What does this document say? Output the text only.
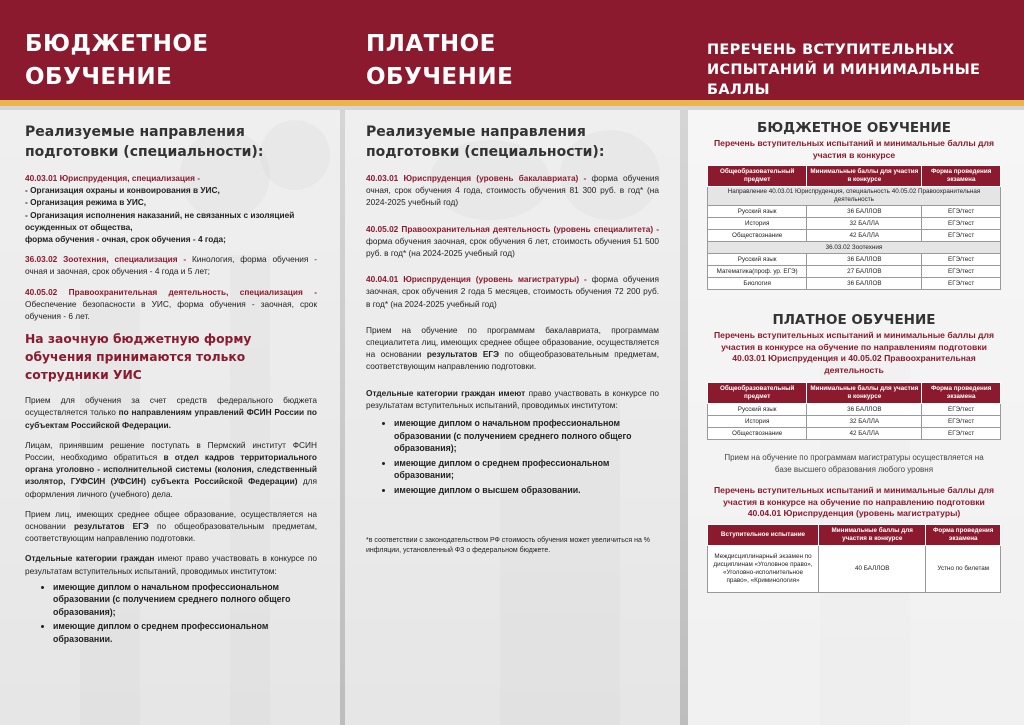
БЮДЖЕТНОЕ
ОБУЧЕНИЕ
ПЛАТНОЕ
ОБУЧЕНИЕ
ПЕРЕЧЕНЬ ВСТУПИТЕЛЬНЫХ
ИСПЫТАНИЙ И МИНИМАЛЬНЫЕ БАЛЛЫ
Реализуемые направления подготовки (специальности):
40.03.01 Юриспруденция, специализация -
- Организация охраны и конвоирования в УИС,
- Организация режима в УИС,
- Организация исполнения наказаний, не связанных с изоляцией осужденных от общества,
форма обучения - очная, срок обучения - 4 года;
36.03.02 Зоотехния, специализация - Кинология, форма обучения - очная и заочная, срок обучения - 4 года и 5 лет;
40.05.02 Правоохранительная деятельность, специализация - Обеспечение безопасности в УИС, форма обучения - заочная, срок обучения - 6 лет.
На заочную бюджетную форму обучения принимаются только сотрудники УИС
Прием для обучения за счет средств федерального бюджета осуществляется только по направлениям управлений ФСИН России по субъектам Российской Федерации.
Лицам, принявшим решение поступать в Пермский институт ФСИН России, необходимо обратиться в отдел кадров территориального органа уголовно - исполнительной системы (колония, следственный изолятор, ГУФСИН (УФСИН) субъекта Российской Федерации) для оформления личного (учебного) дела.
Прием лиц, имеющих среднее общее образование, осуществляется на основании результатов ЕГЭ по общеобразовательным предметам, соответствующим направлению подготовки.
Отдельные категории граждан имеют право участвовать в конкурсе по результатам вступительных испытаний, проводимых институтом:
• имеющие диплом о начальном профессиональном образовании (с получением среднего полного общего образования);
• имеющие диплом о среднем профессиональном образовании.
Реализуемые направления подготовки (специальности):
40.03.01 Юриспруденция (уровень бакалавриата) - форма обучения очная, срок обучения 4 года, стоимость обучения 81 300 руб. в год* (на 2024-2025 учебный год)
40.05.02 Правоохранительная деятельность (уровень специалитета) - форма обучения заочная, срок обучения 6 лет, стоимость обучения 51 500 руб. в год* (на 2024-2025 учебный год)
40.04.01 Юриспруденция (уровень магистратуры) - форма обучения заочная, срок обучения 2 года 5 месяцев, стоимость обучения 72 200 руб. в год* (на 2024-2025 учебный год)
Прием на обучение по программам бакалавриата, программам специалитета лиц, имеющих среднее общее образование, осуществляется на основании результатов ЕГЭ по общеобразовательным предметам, соответствующим направлению подготовки.
Отдельные категории граждан имеют право участвовать в конкурсе по результатам вступительных испытаний, проводимых институтом:
• имеющие диплом о начальном профессиональном образовании (с получением среднего полного общего образования);
• имеющие диплом о среднем профессиональном образовании;
• имеющие диплом о высшем образовании.
*в соответствии с законодательством РФ стоимость обучения может увеличиться на % инфляции, установленный ФЗ о федеральном бюджете.
БЮДЖЕТНОЕ ОБУЧЕНИЕ
Перечень вступительных испытаний и минимальные баллы для участия в конкурсе
Общеобразовательный предмет	Минимальные баллы для участия в конкурсе	Форма проведения экзамена
Направление 40.03.01 Юриспруденция, специальность 40.05.02 Правоохранительная деятельность		
Русский язык	36 БАЛЛОВ	ЕГЭ/тест
История	32 БАЛЛА	ЕГЭ/тест
Обществознание	42 БАЛЛА	ЕГЭ/тест
36.03.02 Зоотехния		
Русский язык	36 БАЛЛОВ	ЕГЭ/тест
Математика(проф. ур. ЕГЭ)	27 БАЛЛОВ	ЕГЭ/тест
Биология	36 БАЛЛОВ	ЕГЭ/тест
ПЛАТНОЕ ОБУЧЕНИЕ
Перечень вступительных испытаний и минимальные баллы для участия в конкурсе на обучение по направлениям подготовки 40.03.01 Юриспруденция и 40.05.02 Правоохранительная деятельность
Общеобразовательный предмет	Минимальные баллы для участия в конкурсе	Форма проведения экзамена
Русский язык	36 БАЛЛОВ	ЕГЭ/тест
История	32 БАЛЛА	ЕГЭ/тест
Обществознание	42 БАЛЛА	ЕГЭ/тест
Прием на обучение по программам магистратуры осуществляется на базе высшего образования любого уровня
Перечень вступительных испытаний и минимальные баллы для участия в конкурсе на обучение по направлению подготовки 40.04.01 Юриспруденция (уровень магистратуры)
Вступительное испытание	Минимальные баллы для участия в конкурсе	Форма проведения экзамена
Междисциплинарный экзамен по дисциплинам «Уголовное право», «Уголовно-исполнительное право», «Криминология»	40 БАЛЛОВ	Устно по билетам
